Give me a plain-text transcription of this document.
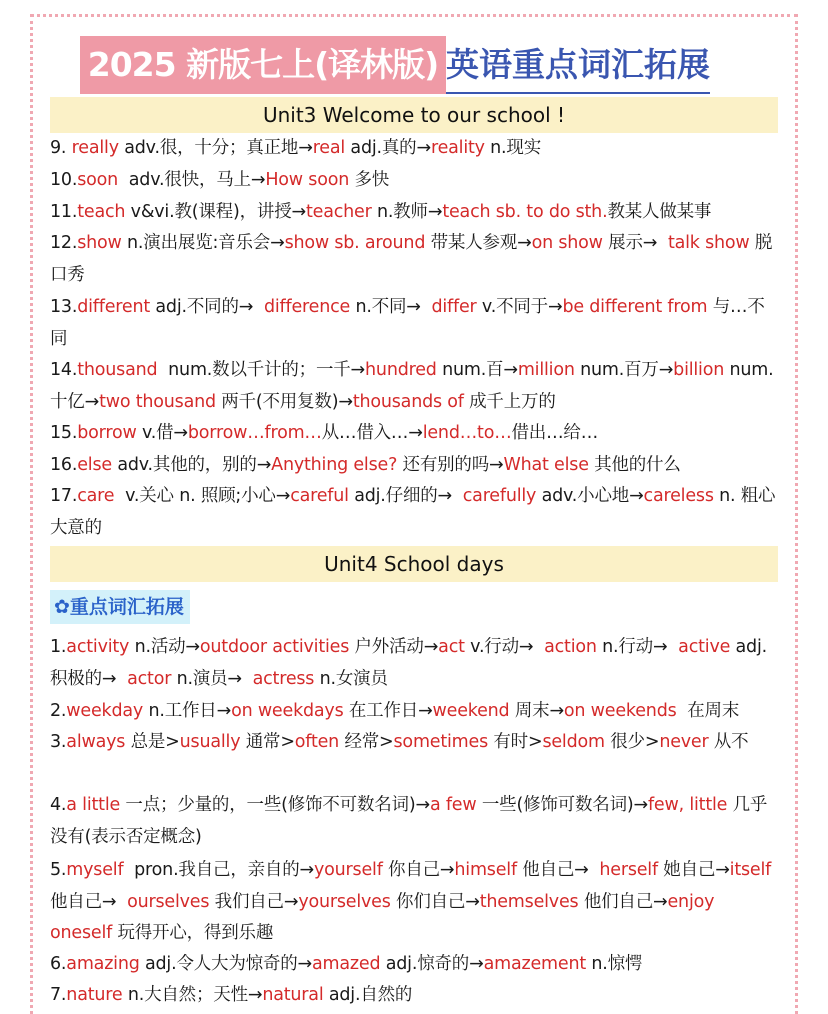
2025 新版七上(译林版) 英语重点词汇拓展
Unit3 Welcome to our school !
9. really adv.很，十分；真正地→real adj.真的→reality n.现实
10.soon  adv.很快，马上→How soon 多快
11.teach v&vi.教(课程)，讲授→teacher n.教师→teach sb. to do sth.教某人做某事
12.show n.演出展览:音乐会→show sb. around 带某人参观→on show 展示→  talk show 脱口秀
13.different adj.不同的→  difference n.不同→  differ v.不同于→be different from 与…不同
14.thousand  num.数以千计的；一千→hundred num.百→million num.百万→billion num.十亿→two thousand 两千(不用复数)→thousands of 成千上万的
15.borrow v.借→borrow…from…从…借入…→lend…to…借出…给…
16.else adv.其他的，别的→Anything else? 还有别的吗→What else 其他的什么
17.care  v.关心 n. 照顾;小心→careful adj.仔细的→  carefully adv.小心地→careless n. 粗心大意的
Unit4 School days
✿重点词汇拓展
1.activity n.活动→outdoor activities 户外活动→act v.行动→  action n.行动→  active adj.积极的→  actor n.演员→  actress n.女演员
2.weekday n.工作日→on weekdays 在工作日→weekend 周末→on weekends  在周末
3.always 总是>usually 通常>often 经常>sometimes 有时>seldom 很少>never 从不
4.a little 一点；少量的，一些(修饰不可数名词)→a few 一些(修饰可数名词)→few, little 几乎没有(表示否定概念)
5.myself  pron.我自己，亲自的→yourself 你自己→himself 他自己→  herself 她自己→itself 他自己→  ourselves 我们自己→yourselves 你们自己→themselves 他们自己→enjoy oneself 玩得开心，得到乐趣
6.amazing adj.令人大为惊奇的→amazed adj.惊奇的→amazement n.惊愕
7.nature n.大自然；天性→natural adj.自然的
